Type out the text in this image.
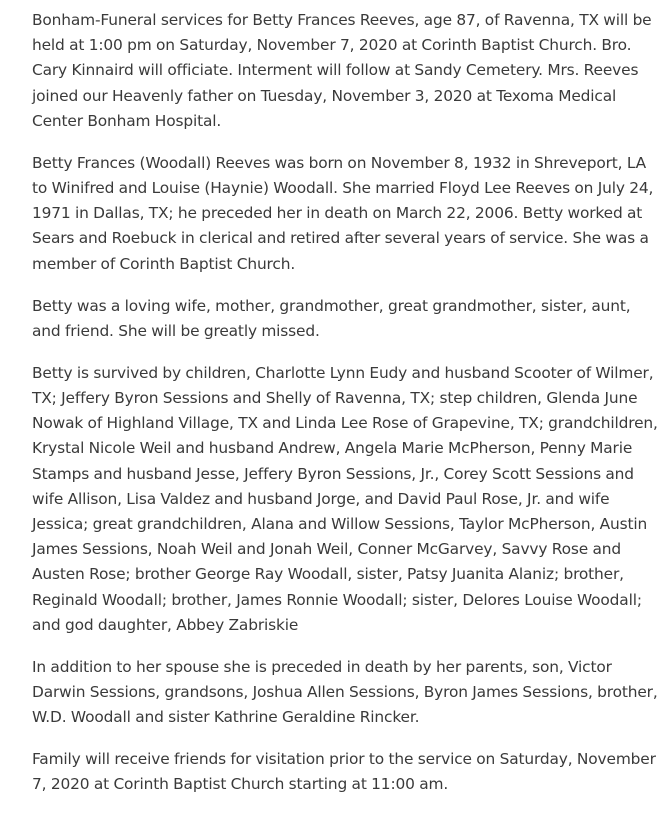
Bonham-Funeral services for Betty Frances Reeves, age 87, of Ravenna, TX will be held at 1:00 pm on Saturday, November 7, 2020 at Corinth Baptist Church. Bro. Cary Kinnaird will officiate. Interment will follow at Sandy Cemetery. Mrs. Reeves joined our Heavenly father on Tuesday, November 3, 2020 at Texoma Medical Center Bonham Hospital.

Betty Frances (Woodall) Reeves was born on November 8, 1932 in Shreveport, LA to Winifred and Louise (Haynie) Woodall. She married Floyd Lee Reeves on July 24, 1971 in Dallas, TX; he preceded her in death on March 22, 2006. Betty worked at Sears and Roebuck in clerical and retired after several years of service. She was a member of Corinth Baptist Church.

Betty was a loving wife, mother, grandmother, great grandmother, sister, aunt, and friend. She will be greatly missed.

Betty is survived by children, Charlotte Lynn Eudy and husband Scooter of Wilmer, TX; Jeffery Byron Sessions and Shelly of Ravenna, TX; step children, Glenda June Nowak of Highland Village, TX and Linda Lee Rose of Grapevine, TX; grandchildren, Krystal Nicole Weil and husband Andrew, Angela Marie McPherson, Penny Marie Stamps and husband Jesse, Jeffery Byron Sessions, Jr., Corey Scott Sessions and wife Allison, Lisa Valdez and husband Jorge, and David Paul Rose, Jr. and wife Jessica; great grandchildren, Alana and Willow Sessions, Taylor McPherson, Austin James Sessions, Noah Weil and Jonah Weil, Conner McGarvey, Savvy Rose and Austen Rose; brother George Ray Woodall, sister, Patsy Juanita Alaniz; brother, Reginald Woodall; brother, James Ronnie Woodall; sister, Delores Louise Woodall; and god daughter, Abbey Zabriskie

In addition to her spouse she is preceded in death by her parents, son, Victor Darwin Sessions, grandsons, Joshua Allen Sessions, Byron James Sessions, brother, W.D. Woodall and sister Kathrine Geraldine Rincker.

Family will receive friends for visitation prior to the service on Saturday, November 7, 2020 at Corinth Baptist Church starting at 11:00 am.
